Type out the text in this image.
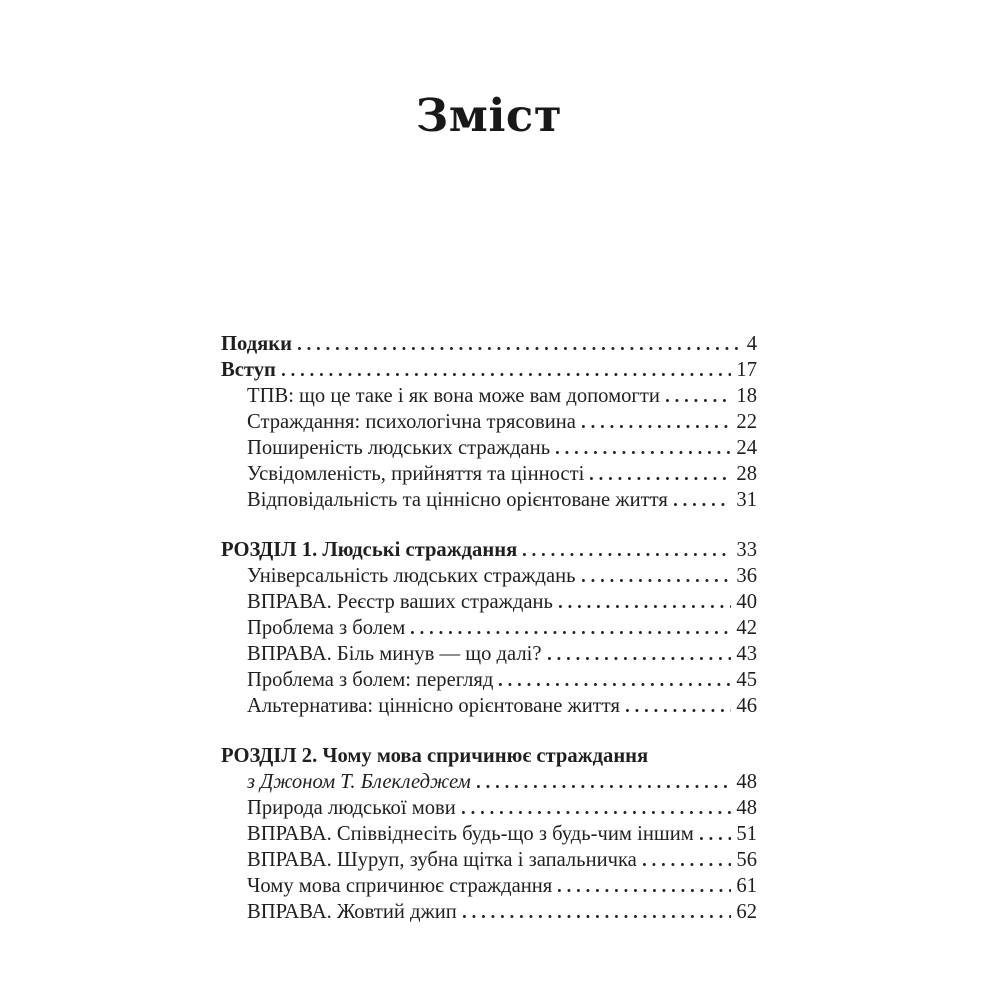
Зміст
Подяки	4
Вступ	17
ТПВ: що це таке і як вона може вам допомогти	18
Страждання: психологічна трясовина	22
Поширеність людських страждань	24
Усвідомленість, прийняття та цінності	28
Відповідальність та ціннісно орієнтоване життя	31
РОЗДІЛ 1. Людські страждання	33
Універсальність людських страждань	36
ВПРАВА. Реєстр ваших страждань	40
Проблема з болем	42
ВПРАВА. Біль минув — що далі?	43
Проблема з болем: перегляд	45
Альтернатива: ціннісно орієнтоване життя	46
РОЗДІЛ 2. Чому мова спричинює страждання
з Джоном Т. Блекледжем	48
Природа людської мови	48
ВПРАВА. Співвіднесіть будь-що з будь-чим іншим 51
ВПРАВА. Шуруп, зубна щітка і запальничка	56
Чому мова спричинює страждання	61
ВПРАВА. Жовтий джип	62
